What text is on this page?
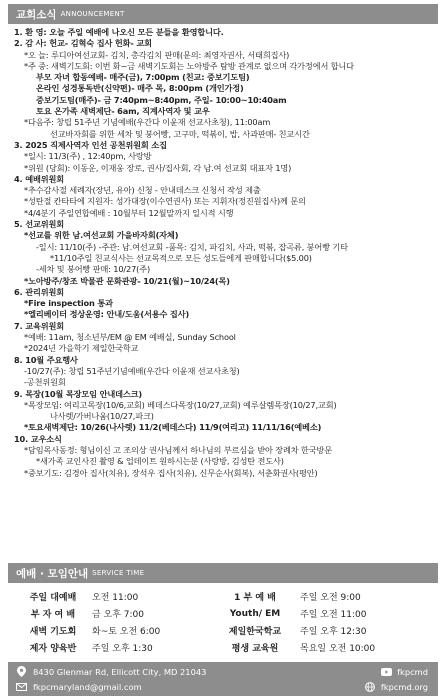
교회소식 ANNOUNCEMENT
1. 환 영: 오늘 주일 예배에 나오신 모든 분들을 환영합니다.
2. 감 사: 헌교- 김혁숙 집사 헌화- 교회
*오 늘: 루디아여선교회- 김치, 총각김치 판매(문의: 최영자권사, 서태희집사)
*주 중: 새벽기도회: 이번 화~금 새벽기도회는 노아방주 탐방 관계로 없으며 각가정에서 합니다
부모 자녀 합동예배- 매주(금), 7:00pm (친교: 중보기도팀)
온라인 성경통독반(신약편)- 매주 목, 8:00pm (개인가정)
중보기도팀(매주)- 금 7:40pm~8:40pm, 주일- 10:00~10:40am
토요 온가족 새벽제단- 6am, 직계사역자 및 교우
*다음주: 창립 51주년 기념예배(우간다 이윤재 선교사초청), 11:00am
선교바자회를 위한 세차 및 붕어빵, 고구마, 떡볶이, 밥, 사과판매- 친교시간
3. 2025 직제사역자 인선 공천위원회 소집
*일시: 11/3(주) , 12:40pm, 사랑방
*위원 (당회): 이동운, 이재웅 장로, 권사/집사회, 각 남.여 선교회 대표자 1명)
4. 예배위원회
*추수감사절 세례자(장년, 유아) 신청 - 안내데스크 신청서 작성 제출
*성탄절 칸타타에 지원자: 성가대장(이수연권사) 또는 지휘자(정진원집사)께 문의
*4/4분기 주일연합예배 : 10월부터 12월말까지 일시적 시행
5. 선교위원회
*선교를 위한 남.여선교회 가을바자회(자체)
-일시: 11/10(주) -주관: 남.여선교회 -품목: 김치, 파김치, 사과, 떡볶, 잡곡류, 붕어빵 기타
*11/10주일 친교식사는 선교목적으로 모든 성도들에게 판매합니다($5.00)
-세차 및 붕어빵 판매: 10/27(주)
*노아방주/창조 박물관 문화관광- 10/21(월)~10/24(목)
6. 관리위원회
*Fire inspection 통과
*엘리베이터 정상운영: 안내/도움(서용수 집사)
7. 교육위원회
*예배: 11am, 청소년부/EM @ EM 예배실, Sunday School
*2024년 가을학기 제일한국학교
8. 10월 주요행사
-10/27(주): 창립 51주년기념예배(우간다 이윤재 선교사초청)
-공천위원회
9. 목장(10월 목장모임 안내데스크)
*목장모임: 여리고목장(10/6,교회) 베데스다목장(10/27,교회) 예루살렘목장(10/27,교회)
나사렛/가버나움(10/27,파크)
*토요새벽제단: 10/26(나사렛) 11/2(베데스다) 11/9(여리고) 11/11/16(예베소)
10. 교우소식
*담임목사동정: 형님이신 고 조의상 권사님께서 하나님의 부르심을 받아 장례차 한국방문
*새가족 교인사진 촬영 & 업데이트 원하시는분 (사랑방, 김성탄 전도사)
*중보기도: 김경아 집사(치유), 장석우 집사(치유), 신무순사(회복), 서춘화권사(평안)
예배 · 모임안내 SERVICE TIME
주일 대예배	오전 11:00	1 부 예 배	주일 오전 9:00
부 자 여 배	금 오후 7:00	Youth/ EM	주일 오전 11:00
새벽 기도회	화~토 오전 6:00	제일한국학교	주일 오후 12:30
제자 양육반	주일 오후 1:30	평생 교육원	목요일 오전 10:00
8430 Glenmar Rd, Ellicott City, MD 21043
fkpcmaryland@gmail.com
fkpcmd
fkpcmd.org
